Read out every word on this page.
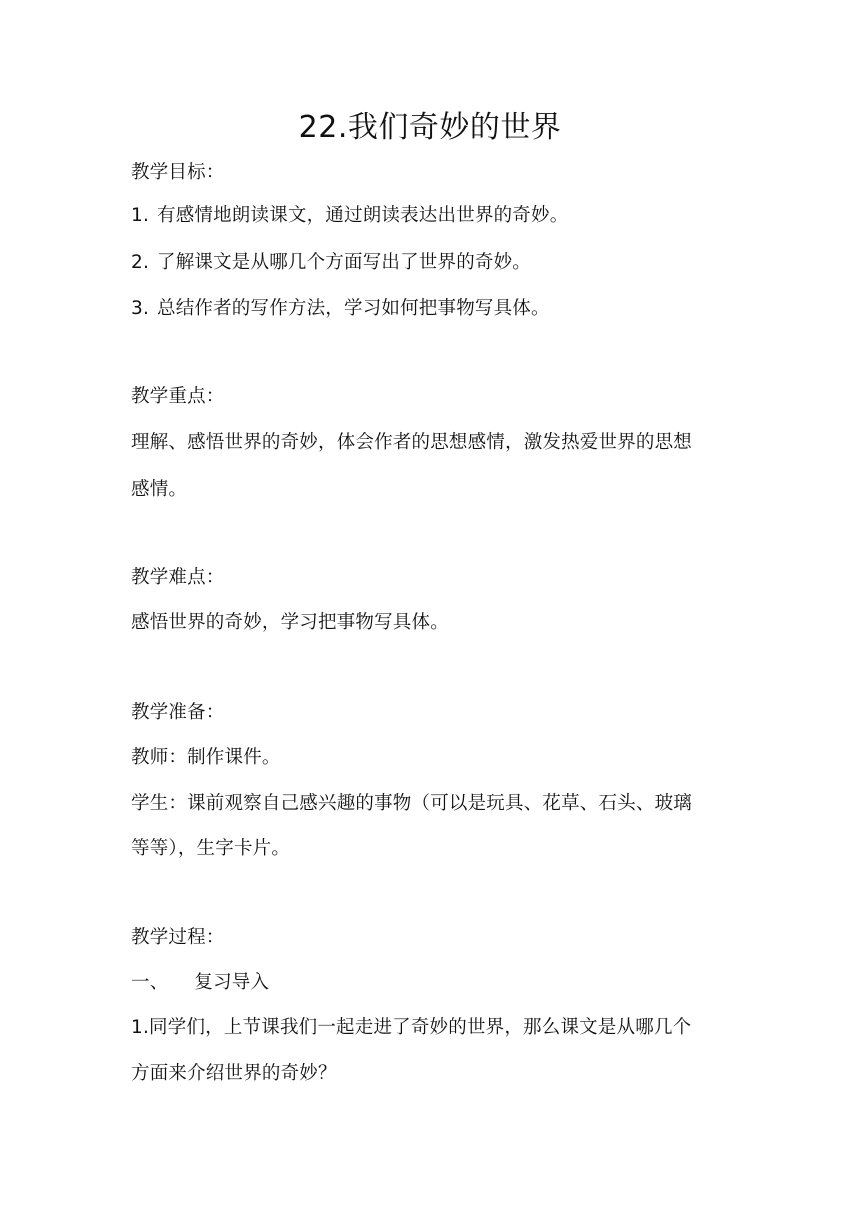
22.我们奇妙的世界
教学目标：
1. 有感情地朗读课文，通过朗读表达出世界的奇妙。
2. 了解课文是从哪几个方面写出了世界的奇妙。
3. 总结作者的写作方法，学习如何把事物写具体。
教学重点：
理解、感悟世界的奇妙，体会作者的思想感情，激发热爱世界的思想
感情。
教学难点：
感悟世界的奇妙，学习把事物写具体。
教学准备：
教师：制作课件。
学生：课前观察自己感兴趣的事物（可以是玩具、花草、石头、玻璃
等等），生字卡片。
教学过程：
一、 复习导入
1.同学们，上节课我们一起走进了奇妙的世界，那么课文是从哪几个
方面来介绍世界的奇妙？
